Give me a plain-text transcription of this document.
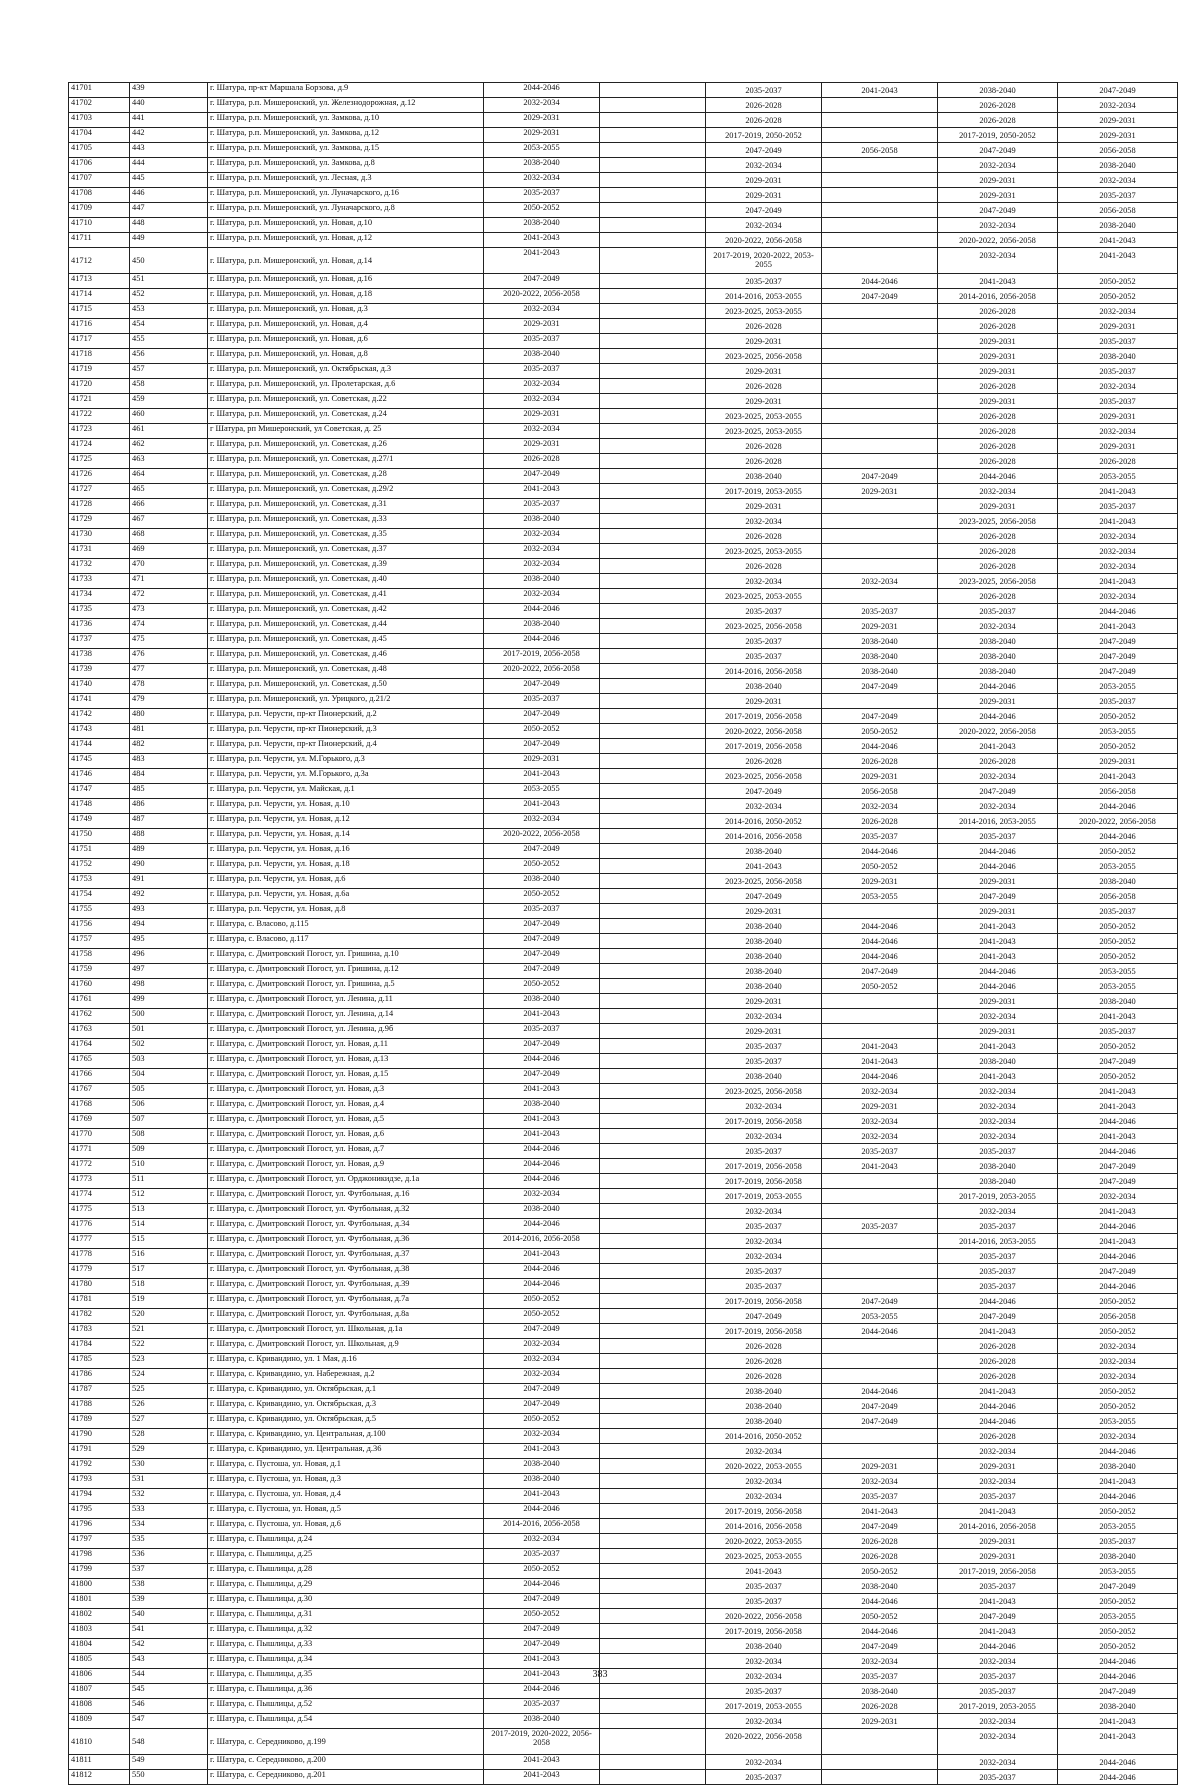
41701	439	г. Шатура, пр-кт Маршала Борзова, д.9	2044-2046		2035-2037	2041-2043	2038-2040	2047-2049
41702	440	г. Шатура, р.п. Мишеронский, ул. Железнодорожная, д.12	2032-2034		2026-2028		2026-2028	2032-2034
41703	441	г. Шатура, р.п. Мишеронский, ул. Замкова, д.10	2029-2031		2026-2028		2026-2028	2029-2031
41704	442	г. Шатура, р.п. Мишеронский, ул. Замкова, д.12	2029-2031		2017-2019, 2050-2052		2017-2019, 2050-2052	2029-2031
41705	443	г. Шатура, р.п. Мишеронский, ул. Замкова, д.15	2053-2055		2047-2049	2056-2058	2047-2049	2056-2058
41706	444	г. Шатура, р.п. Мишеронский, ул. Замкова, д.8	2038-2040		2032-2034		2032-2034	2038-2040
41707	445	г. Шатура, р.п. Мишеронский, ул. Лесная, д.3	2032-2034		2029-2031		2029-2031	2032-2034
41708	446	г. Шатура, р.п. Мишеронский, ул. Луначарского, д.16	2035-2037		2029-2031		2029-2031	2035-2037
41709	447	г. Шатура, р.п. Мишеронский, ул. Луначарского, д.8	2050-2052		2047-2049		2047-2049	2056-2058
41710	448	г. Шатура, р.п. Мишеронский, ул. Новая, д.10	2038-2040		2032-2034		2032-2034	2038-2040
41711	449	г. Шатура, р.п. Мишеронский, ул. Новая, д.12	2041-2043		2020-2022, 2056-2058		2020-2022, 2056-2058	2041-2043
41712	450	г. Шатура, р.п. Мишеронский, ул. Новая, д.14	2041-2043		2017-2019, 2020-2022, 2053-2055		2032-2034	2041-2043
41713	451	г. Шатура, р.п. Мишеронский, ул. Новая, д.16	2047-2049		2035-2037	2044-2046	2041-2043	2050-2052
41714	452	г. Шатура, р.п. Мишеронский, ул. Новая, д.18	2020-2022, 2056-2058		2014-2016, 2053-2055	2047-2049	2014-2016, 2056-2058	2050-2052
41715	453	г. Шатура, р.п. Мишеронский, ул. Новая, д.3	2032-2034		2023-2025, 2053-2055		2026-2028	2032-2034
41716	454	г. Шатура, р.п. Мишеронский, ул. Новая, д.4	2029-2031		2026-2028		2026-2028	2029-2031
41717	455	г. Шатура, р.п. Мишеронский, ул. Новая, д.6	2035-2037		2029-2031		2029-2031	2035-2037
41718	456	г. Шатура, р.п. Мишеронский, ул. Новая, д.8	2038-2040		2023-2025, 2056-2058		2029-2031	2038-2040
41719	457	г. Шатура, р.п. Мишеронский, ул. Октябрьская, д.3	2035-2037		2029-2031		2029-2031	2035-2037
41720	458	г. Шатура, р.п. Мишеронский, ул. Пролетарская, д.6	2032-2034		2026-2028		2026-2028	2032-2034
41721	459	г. Шатура, р.п. Мишеронский, ул. Советская, д.22	2032-2034		2029-2031		2029-2031	2035-2037
41722	460	г. Шатура, р.п. Мишеронский, ул. Советская, д.24	2029-2031		2023-2025, 2053-2055		2026-2028	2029-2031
41723	461	г Шатура, рп Мишеронский, ул Советская, д. 25	2032-2034		2023-2025, 2053-2055		2026-2028	2032-2034
41724	462	г. Шатура, р.п. Мишеронский, ул. Советская, д.26	2029-2031		2026-2028		2026-2028	2029-2031
41725	463	г. Шатура, р.п. Мишеронский, ул. Советская, д.27/1	2026-2028		2026-2028		2026-2028	2026-2028
41726	464	г. Шатура, р.п. Мишеронский, ул. Советская, д.28	2047-2049		2038-2040	2047-2049	2044-2046	2053-2055
41727	465	г. Шатура, р.п. Мишеронский, ул. Советская, д.29/2	2041-2043		2017-2019, 2053-2055	2029-2031	2032-2034	2041-2043
41728	466	г. Шатура, р.п. Мишеронский, ул. Советская, д.31	2035-2037		2029-2031		2029-2031	2035-2037
41729	467	г. Шатура, р.п. Мишеронский, ул. Советская, д.33	2038-2040		2032-2034		2023-2025, 2056-2058	2041-2043
41730	468	г. Шатура, р.п. Мишеронский, ул. Советская, д.35	2032-2034		2026-2028		2026-2028	2032-2034
41731	469	г. Шатура, р.п. Мишеронский, ул. Советская, д.37	2032-2034		2023-2025, 2053-2055		2026-2028	2032-2034
41732	470	г. Шатура, р.п. Мишеронский, ул. Советская, д.39	2032-2034		2026-2028		2026-2028	2032-2034
41733	471	г. Шатура, р.п. Мишеронский, ул. Советская, д.40	2038-2040		2032-2034	2032-2034	2023-2025, 2056-2058	2041-2043
41734	472	г. Шатура, р.п. Мишеронский, ул. Советская, д.41	2032-2034		2023-2025, 2053-2055		2026-2028	2032-2034
41735	473	г. Шатура, р.п. Мишеронский, ул. Советская, д.42	2044-2046		2035-2037	2035-2037	2035-2037	2044-2046
41736	474	г. Шатура, р.п. Мишеронский, ул. Советская, д.44	2038-2040		2023-2025, 2056-2058	2029-2031	2032-2034	2041-2043
41737	475	г. Шатура, р.п. Мишеронский, ул. Советская, д.45	2044-2046		2035-2037	2038-2040	2038-2040	2047-2049
41738	476	г. Шатура, р.п. Мишеронский, ул. Советская, д.46	2017-2019, 2056-2058		2035-2037	2038-2040	2038-2040	2047-2049
41739	477	г. Шатура, р.п. Мишеронский, ул. Советская, д.48	2020-2022, 2056-2058		2014-2016, 2056-2058	2038-2040	2038-2040	2047-2049
41740	478	г. Шатура, р.п. Мишеронский, ул. Советская, д.50	2047-2049		2038-2040	2047-2049	2044-2046	2053-2055
41741	479	г. Шатура, р.п. Мишеронский, ул. Урицкого, д.21/2	2035-2037		2029-2031		2029-2031	2035-2037
41742	480	г. Шатура, р.п. Черусти, пр-кт Пионерский, д.2	2047-2049		2017-2019, 2056-2058	2047-2049	2044-2046	2050-2052
41743	481	г. Шатура, р.п. Черусти, пр-кт Пионерский, д.3	2050-2052		2020-2022, 2056-2058	2050-2052	2020-2022, 2056-2058	2053-2055
41744	482	г. Шатура, р.п. Черусти, пр-кт Пионерский, д.4	2047-2049		2017-2019, 2056-2058	2044-2046	2041-2043	2050-2052
41745	483	г. Шатура, р.п. Черусти, ул. М.Горького, д.3	2029-2031		2026-2028	2026-2028	2026-2028	2029-2031
41746	484	г. Шатура, р.п. Черусти, ул. М.Горького, д.3а	2041-2043		2023-2025, 2056-2058	2029-2031	2032-2034	2041-2043
41747	485	г. Шатура, р.п. Черусти, ул. Майская, д.1	2053-2055		2047-2049	2056-2058	2047-2049	2056-2058
41748	486	г. Шатура, р.п. Черусти, ул. Новая, д.10	2041-2043		2032-2034	2032-2034	2032-2034	2044-2046
41749	487	г. Шатура, р.п. Черусти, ул. Новая, д.12	2032-2034		2014-2016, 2050-2052	2026-2028	2014-2016, 2053-2055	2020-2022, 2056-2058
41750	488	г. Шатура, р.п. Черусти, ул. Новая, д.14	2020-2022, 2056-2058		2014-2016, 2056-2058	2035-2037	2035-2037	2044-2046
41751	489	г. Шатура, р.п. Черусти, ул. Новая, д.16	2047-2049		2038-2040	2044-2046	2044-2046	2050-2052
41752	490	г. Шатура, р.п. Черусти, ул. Новая, д.18	2050-2052		2041-2043	2050-2052	2044-2046	2053-2055
41753	491	г. Шатура, р.п. Черусти, ул. Новая, д.6	2038-2040		2023-2025, 2056-2058	2029-2031	2029-2031	2038-2040
41754	492	г. Шатура, р.п. Черусти, ул. Новая, д.6а	2050-2052		2047-2049	2053-2055	2047-2049	2056-2058
41755	493	г. Шатура, р.п. Черусти, ул. Новая, д.8	2035-2037		2029-2031		2029-2031	2035-2037
41756	494	г. Шатура, с. Власово, д.115	2047-2049		2038-2040	2044-2046	2041-2043	2050-2052
41757	495	г. Шатура, с. Власово, д.117	2047-2049		2038-2040	2044-2046	2041-2043	2050-2052
41758	496	г. Шатура, с. Дмитровский Погост, ул. Гришина, д.10	2047-2049		2038-2040	2044-2046	2041-2043	2050-2052
41759	497	г. Шатура, с. Дмитровский Погост, ул. Гришина, д.12	2047-2049		2038-2040	2047-2049	2044-2046	2053-2055
41760	498	г. Шатура, с. Дмитровский Погост, ул. Гришина, д.5	2050-2052		2038-2040	2050-2052	2044-2046	2053-2055
41761	499	г. Шатура, с. Дмитровский Погост, ул. Ленина, д.11	2038-2040		2029-2031		2029-2031	2038-2040
41762	500	г. Шатура, с. Дмитровский Погост, ул. Ленина, д.14	2041-2043		2032-2034		2032-2034	2041-2043
41763	501	г. Шатура, с. Дмитровский Погост, ул. Ленина, д.9б	2035-2037		2029-2031		2029-2031	2035-2037
41764	502	г. Шатура, с. Дмитровский Погост, ул. Новая, д.11	2047-2049		2035-2037	2041-2043	2041-2043	2050-2052
41765	503	г. Шатура, с. Дмитровский Погост, ул. Новая, д.13	2044-2046		2035-2037	2041-2043	2038-2040	2047-2049
41766	504	г. Шатура, с. Дмитровский Погост, ул. Новая, д.15	2047-2049		2038-2040	2044-2046	2041-2043	2050-2052
41767	505	г. Шатура, с. Дмитровский Погост, ул. Новая, д.3	2041-2043		2023-2025, 2056-2058	2032-2034	2032-2034	2041-2043
41768	506	г. Шатура, с. Дмитровский Погост, ул. Новая, д.4	2038-2040		2032-2034	2029-2031	2032-2034	2041-2043
41769	507	г. Шатура, с. Дмитровский Погост, ул. Новая, д.5	2041-2043		2017-2019, 2056-2058	2032-2034	2032-2034	2044-2046
41770	508	г. Шатура, с. Дмитровский Погост, ул. Новая, д.6	2041-2043		2032-2034	2032-2034	2032-2034	2041-2043
41771	509	г. Шатура, с. Дмитровский Погост, ул. Новая, д.7	2044-2046		2035-2037	2035-2037	2035-2037	2044-2046
41772	510	г. Шатура, с. Дмитровский Погост, ул. Новая, д.9	2044-2046		2017-2019, 2056-2058	2041-2043	2038-2040	2047-2049
41773	511	г. Шатура, с. Дмитровский Погост, ул. Орджоникидзе, д.1а	2044-2046		2017-2019, 2056-2058		2038-2040	2047-2049
41774	512	г. Шатура, с. Дмитровский Погост, ул. Футбольная, д.16	2032-2034		2017-2019, 2053-2055		2017-2019, 2053-2055	2032-2034
41775	513	г. Шатура, с. Дмитровский Погост, ул. Футбольная, д.32	2038-2040		2032-2034		2032-2034	2041-2043
41776	514	г. Шатура, с. Дмитровский Погост, ул. Футбольная, д.34	2044-2046		2035-2037	2035-2037	2035-2037	2044-2046
41777	515	г. Шатура, с. Дмитровский Погост, ул. Футбольная, д.36	2014-2016, 2056-2058		2032-2034		2014-2016, 2053-2055	2041-2043
41778	516	г. Шатура, с. Дмитровский Погост, ул. Футбольная, д.37	2041-2043		2032-2034		2035-2037	2044-2046
41779	517	г. Шатура, с. Дмитровский Погост, ул. Футбольная, д.38	2044-2046		2035-2037		2035-2037	2047-2049
41780	518	г. Шатура, с. Дмитровский Погост, ул. Футбольная, д.39	2044-2046		2035-2037		2035-2037	2044-2046
41781	519	г. Шатура, с. Дмитровский Погост, ул. Футбольная, д.7а	2050-2052		2017-2019, 2056-2058	2047-2049	2044-2046	2050-2052
41782	520	г. Шатура, с. Дмитровский Погост, ул. Футбольная, д.8а	2050-2052		2047-2049	2053-2055	2047-2049	2056-2058
41783	521	г. Шатура, с. Дмитровский Погост, ул. Школьная, д.1а	2047-2049		2017-2019, 2056-2058	2044-2046	2041-2043	2050-2052
41784	522	г. Шатура, с. Дмитровский Погост, ул. Школьная, д.9	2032-2034		2026-2028		2026-2028	2032-2034
41785	523	г. Шатура, с. Кривандино, ул. 1 Мая, д.16	2032-2034		2026-2028		2026-2028	2032-2034
41786	524	г. Шатура, с. Кривандино, ул. Набережная, д.2	2032-2034		2026-2028		2026-2028	2032-2034
41787	525	г. Шатура, с. Кривандино, ул. Октябрьская, д.1	2047-2049		2038-2040	2044-2046	2041-2043	2050-2052
41788	526	г. Шатура, с. Кривандино, ул. Октябрьская, д.3	2047-2049		2038-2040	2047-2049	2044-2046	2050-2052
41789	527	г. Шатура, с. Кривандино, ул. Октябрьская, д.5	2050-2052		2038-2040	2047-2049	2044-2046	2053-2055
41790	528	г. Шатура, с. Кривандино, ул. Центральная, д.100	2032-2034		2014-2016, 2050-2052		2026-2028	2032-2034
41791	529	г. Шатура, с. Кривандино, ул. Центральная, д.36	2041-2043		2032-2034		2032-2034	2044-2046
41792	530	г. Шатура, с. Пустоша, ул. Новая, д.1	2038-2040		2020-2022, 2053-2055	2029-2031	2029-2031	2038-2040
41793	531	г. Шатура, с. Пустоша, ул. Новая, д.3	2038-2040		2032-2034	2032-2034	2032-2034	2041-2043
41794	532	г. Шатура, с. Пустоша, ул. Новая, д.4	2041-2043		2032-2034	2035-2037	2035-2037	2044-2046
41795	533	г. Шатура, с. Пустоша, ул. Новая, д.5	2044-2046		2017-2019, 2056-2058	2041-2043	2041-2043	2050-2052
41796	534	г. Шатура, с. Пустоша, ул. Новая, д.6	2014-2016, 2056-2058		2014-2016, 2056-2058	2047-2049	2014-2016, 2056-2058	2053-2055
41797	535	г. Шатура, с. Пышлицы, д.24	2032-2034		2020-2022, 2053-2055	2026-2028	2029-2031	2035-2037
41798	536	г. Шатура, с. Пышлицы, д.25	2035-2037		2023-2025, 2053-2055	2026-2028	2029-2031	2038-2040
41799	537	г. Шатура, с. Пышлицы, д.28	2050-2052		2041-2043	2050-2052	2017-2019, 2056-2058	2053-2055
41800	538	г. Шатура, с. Пышлицы, д.29	2044-2046		2035-2037	2038-2040	2035-2037	2047-2049
41801	539	г. Шатура, с. Пышлицы, д.30	2047-2049		2035-2037	2044-2046	2041-2043	2050-2052
41802	540	г. Шатура, с. Пышлицы, д.31	2050-2052		2020-2022, 2056-2058	2050-2052	2047-2049	2053-2055
41803	541	г. Шатура, с. Пышлицы, д.32	2047-2049		2017-2019, 2056-2058	2044-2046	2041-2043	2050-2052
41804	542	г. Шатура, с. Пышлицы, д.33	2047-2049		2038-2040	2047-2049	2044-2046	2050-2052
41805	543	г. Шатура, с. Пышлицы, д.34	2041-2043		2032-2034	2032-2034	2032-2034	2044-2046
41806	544	г. Шатура, с. Пышлицы, д.35	2041-2043		2032-2034	2035-2037	2035-2037	2044-2046
41807	545	г. Шатура, с. Пышлицы, д.36	2044-2046		2035-2037	2038-2040	2035-2037	2047-2049
41808	546	г. Шатура, с. Пышлицы, д.52	2035-2037		2017-2019, 2053-2055	2026-2028	2017-2019, 2053-2055	2038-2040
41809	547	г. Шатура, с. Пышлицы, д.54	2038-2040		2032-2034	2029-2031	2032-2034	2041-2043
41810	548	г. Шатура, с. Середниково, д.199	2017-2019, 2020-2022, 2056-2058		2020-2022, 2056-2058		2032-2034	2041-2043
41811	549	г. Шатура, с. Середниково, д.200	2041-2043		2032-2034		2032-2034	2044-2046
41812	550	г. Шатура, с. Середниково, д.201	2041-2043		2035-2037		2035-2037	2044-2046
383
